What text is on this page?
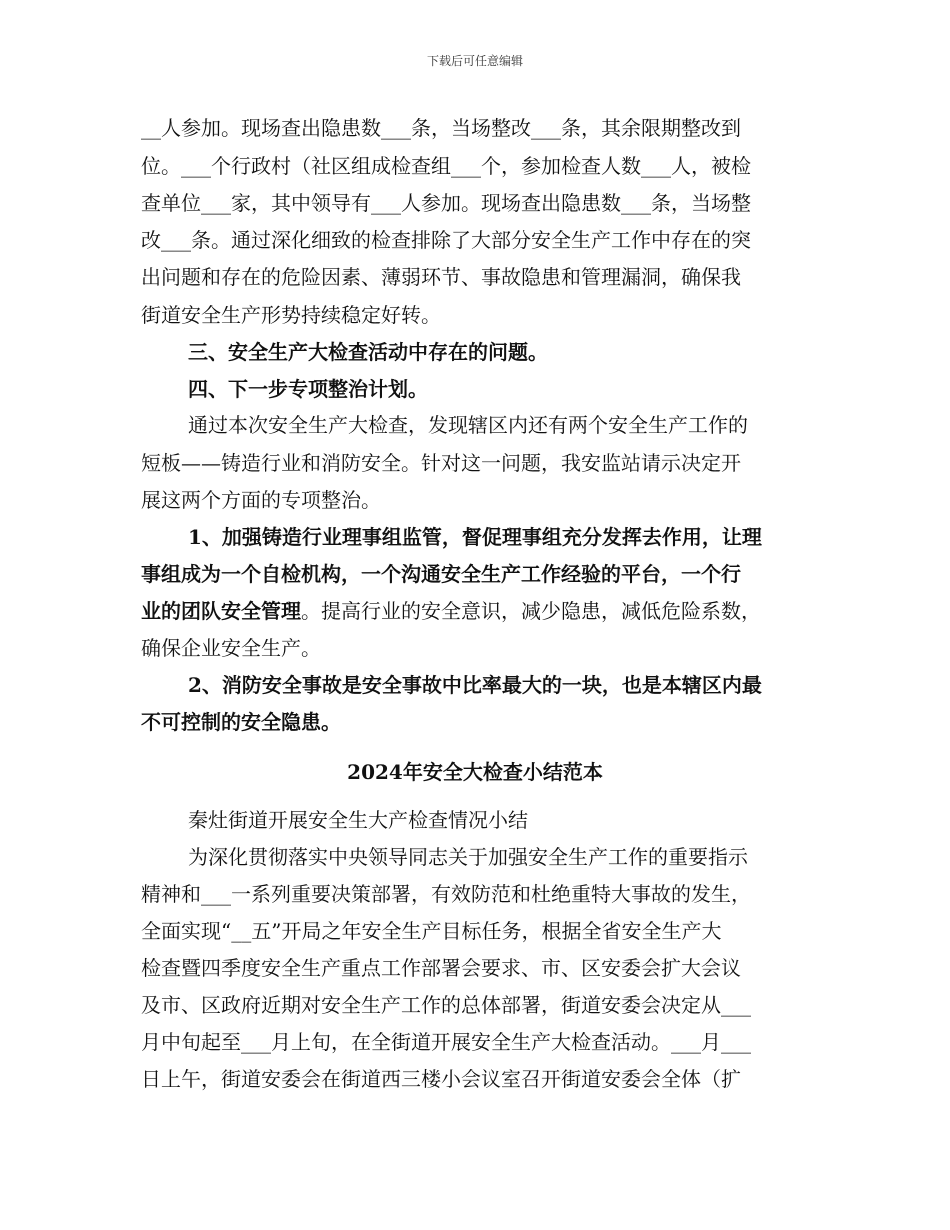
下载后可任意编辑
__人参加。现场查出隐患数___条，当场整改___条，其余限期整改到
位。___个行政村（社区组成检查组___个，参加检查人数___人，被检
查单位___家，其中领导有___人参加。现场查出隐患数___条，当场整
改___条。通过深化细致的检查排除了大部分安全生产工作中存在的突
出问题和存在的危险因素、薄弱环节、事故隐患和管理漏洞，确保我
街道安全生产形势持续稳定好转。
三、安全生产大检查活动中存在的问题。
四、下一步专项整治计划。
通过本次安全生产大检查，发现辖区内还有两个安全生产工作的
短板——铸造行业和消防安全。针对这一问题，我安监站请示决定开
展这两个方面的专项整治。
1、加强铸造行业理事组监管，督促理事组充分发挥去作用，让理
事组成为一个自检机构，一个沟通安全生产工作经验的平台，一个行
业的团队安全管理。提高行业的安全意识，减少隐患，减低危险系数，
确保企业安全生产。
2、消防安全事故是安全事故中比率最大的一块，也是本辖区内最
不可控制的安全隐患。
2024年安全大检查小结范本
秦灶街道开展安全生大产检查情况小结
为深化贯彻落实中央领导同志关于加强安全生产工作的重要指示
精神和___一系列重要决策部署，有效防范和杜绝重特大事故的发生，
全面实现“__五”开局之年安全生产目标任务，根据全省安全生产大
检查暨四季度安全生产重点工作部署会要求、市、区安委会扩大会议
及市、区政府近期对安全生产工作的总体部署，街道安委会决定从___
月中旬起至___月上旬，在全街道开展安全生产大检查活动。___月___
日上午，街道安委会在街道西三楼小会议室召开街道安委会全体（扩
